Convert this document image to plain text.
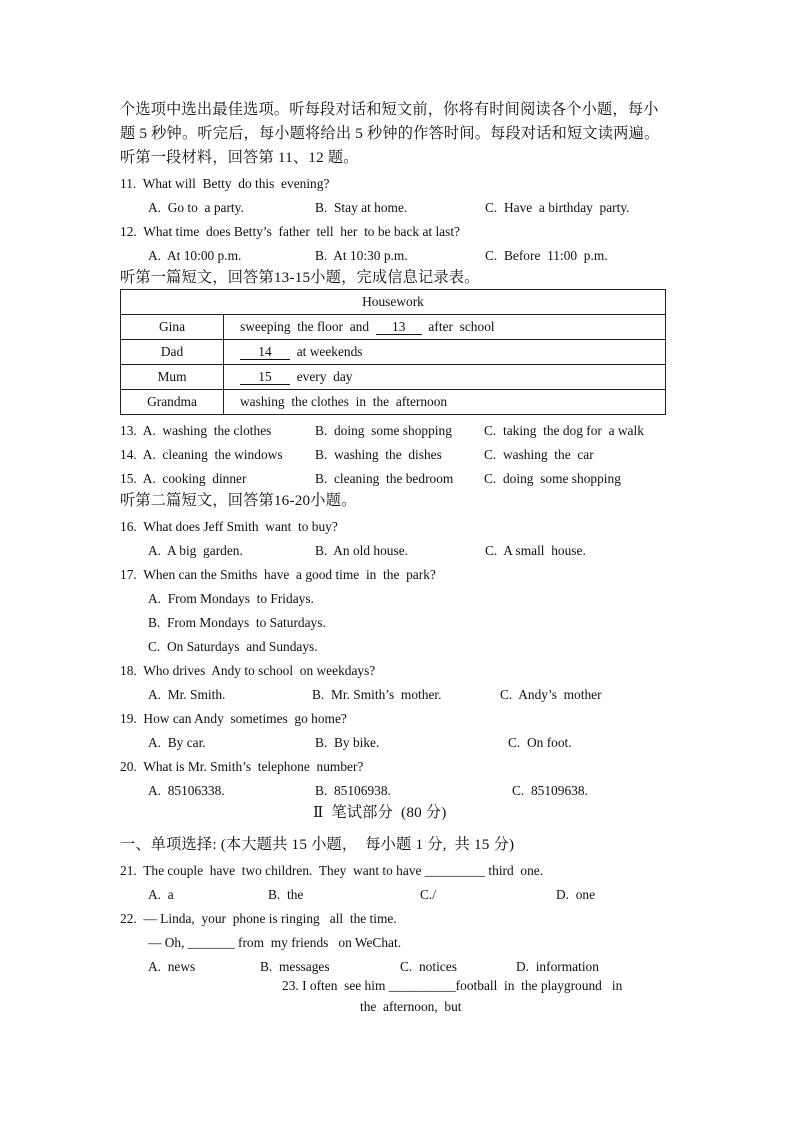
个选项中选出最佳选项。听每段对话和短文前，你将有时间阅读各个小题，每小
题 5 秒钟。听完后，每小题将给出 5 秒钟的作答时间。每段对话和短文读两遍。
听第一段材料，回答第 11、12 题。
11.  What will  Betty  do this  evening?
A.  Go to  a party.	B.  Stay at home.	C.  Have  a birthday  party.
12.  What time  does Betty’s  father  tell  her  to be back at last?
A.  At 10:00 p.m.	B.  At 10:30 p.m.	C.  Before  11:00  p.m.
听第一篇短文，回答第13-15小题，完成信息记录表。
Housework	
Gina	sweeping  the floor  and  13  after  school
Dad	14  at weekends
Mum	15  every  day
Grandma	washing  the clothes  in  the  afternoon
13.  A.  washing  the clothes	B.  doing  some shopping C.  taking  the dog for  a walk
14.  A.  cleaning  the windows B.  washing  the  dishes	C.  washing  the  car
15.  A.  cooking  dinner	B.  cleaning  the bedroom C.  doing  some shopping
听第二篇短文，回答第16-20小题。
16.  What does Jeff Smith  want  to buy?
A.  A big  garden.	B.  An old house.	C.  A small  house.
17.  When can the Smiths  have  a good time  in  the  park?
A.  From Mondays  to Fridays.
B.  From Mondays  to Saturdays.
C.  On Saturdays  and Sundays.
18.  Who drives  Andy to school  on weekdays?
A.  Mr. Smith.	B.  Mr. Smith’s  mother.	C.  Andy’s  mother
19.  How can Andy  sometimes  go home?
A.  By car.	B.  By bike.	C.  On foot.
20.  What is Mr. Smith’s  telephone  number?
A.  85106338.	B.  85106938.	C.  85109638.
Ⅱ  笔试部分  (80 分)
一、单项选择: (本大题共 15 小题，  每小题 1 分,  共 15 分)
21.  The couple  have  two children.  They  want to have _________ third  one.
A.  a	B.  the	C./	D.  one
22.  — Linda,  your  phone is ringing   all  the time.
— Oh, _______ from  my friends   on WeChat.
A.  news	B.  messages	C.  notices	D.  information
23. I often  see him __________football  in  the playground   in
the  afternoon,  but
